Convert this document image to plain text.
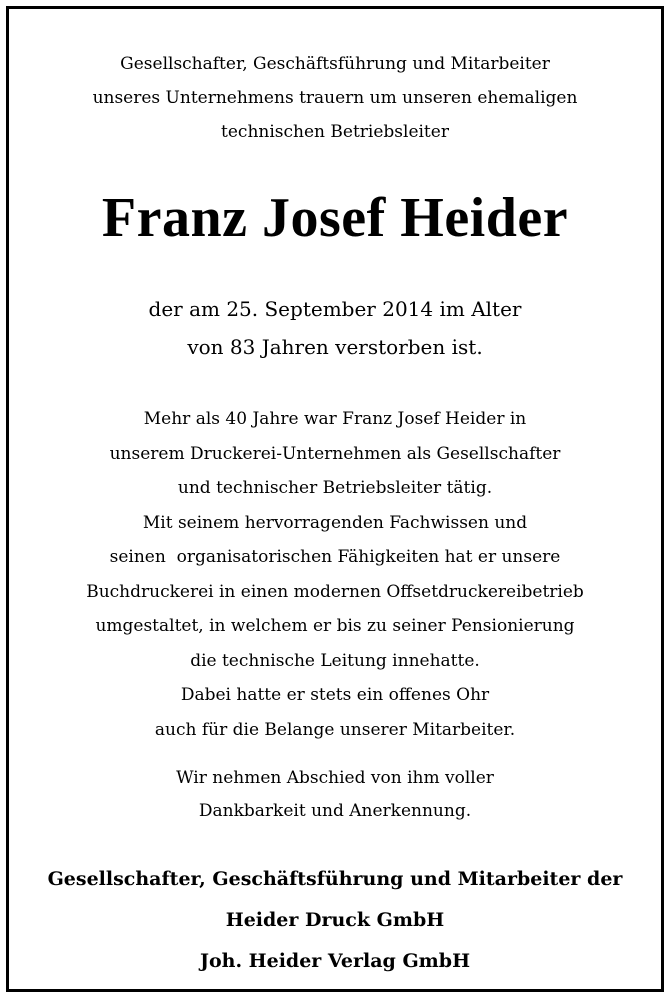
Gesellschafter, Geschäftsführung und Mitarbeiter
unseres Unternehmens trauern um unseren ehemaligen
technischen Betriebsleiter
Franz Josef Heider
der am 25. September 2014 im Alter
von 83 Jahren verstorben ist.
Mehr als 40 Jahre war Franz Josef Heider in
unserem Druckerei-Unternehmen als Gesellschafter
und technischer Betriebsleiter tätig.
Mit seinem hervorragenden Fachwissen und
seinen  organisatorischen Fähigkeiten hat er unsere
Buchdruckerei in einen modernen Offsetdruckereibetrieb
umgestaltet, in welchem er bis zu seiner Pensionierung
die technische Leitung innehatte.
Dabei hatte er stets ein offenes Ohr
auch für die Belange unserer Mitarbeiter.
Wir nehmen Abschied von ihm voller
Dankbarkeit und Anerkennung.
Gesellschafter, Geschäftsführung und Mitarbeiter der
Heider Druck GmbH
Joh. Heider Verlag GmbH
